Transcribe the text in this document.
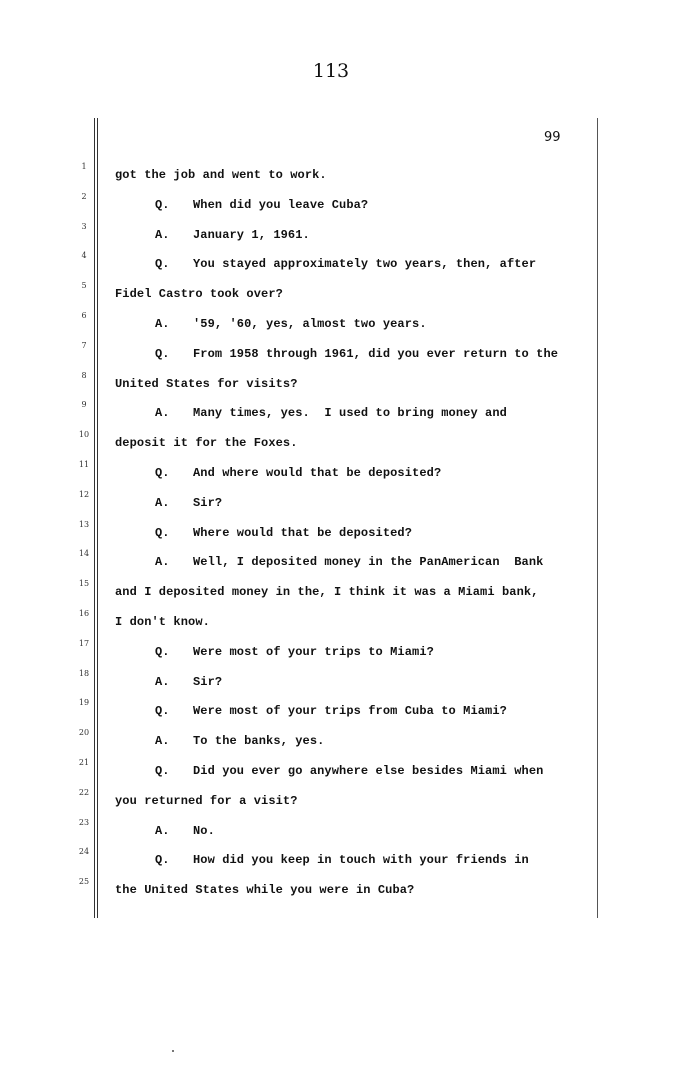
113
99
1
got the job and went to work.
2
Q. When did you leave Cuba?
3
A. January 1, 1961.
4
Q. You stayed approximately two years, then, after
5
Fidel Castro took over?
6
A. '59, '60, yes, almost two years.
7
Q. From 1958 through 1961, did you ever return to the
8
United States for visits?
9
A. Many times, yes.  I used to bring money and
10
deposit it for the Foxes.
11
Q. And where would that be deposited?
12
A. Sir?
13
Q. Where would that be deposited?
14
A. Well, I deposited money in the PanAmerican  Bank
15
and I deposited money in the, I think it was a Miami bank,
16
I don't know.
17
Q. Were most of your trips to Miami?
18
A. Sir?
19
Q. Were most of your trips from Cuba to Miami?
20
A. To the banks, yes.
21
Q. Did you ever go anywhere else besides Miami when
22
you returned for a visit?
23
A. No.
24
Q. How did you keep in touch with your friends in
25
the United States while you were in Cuba?
